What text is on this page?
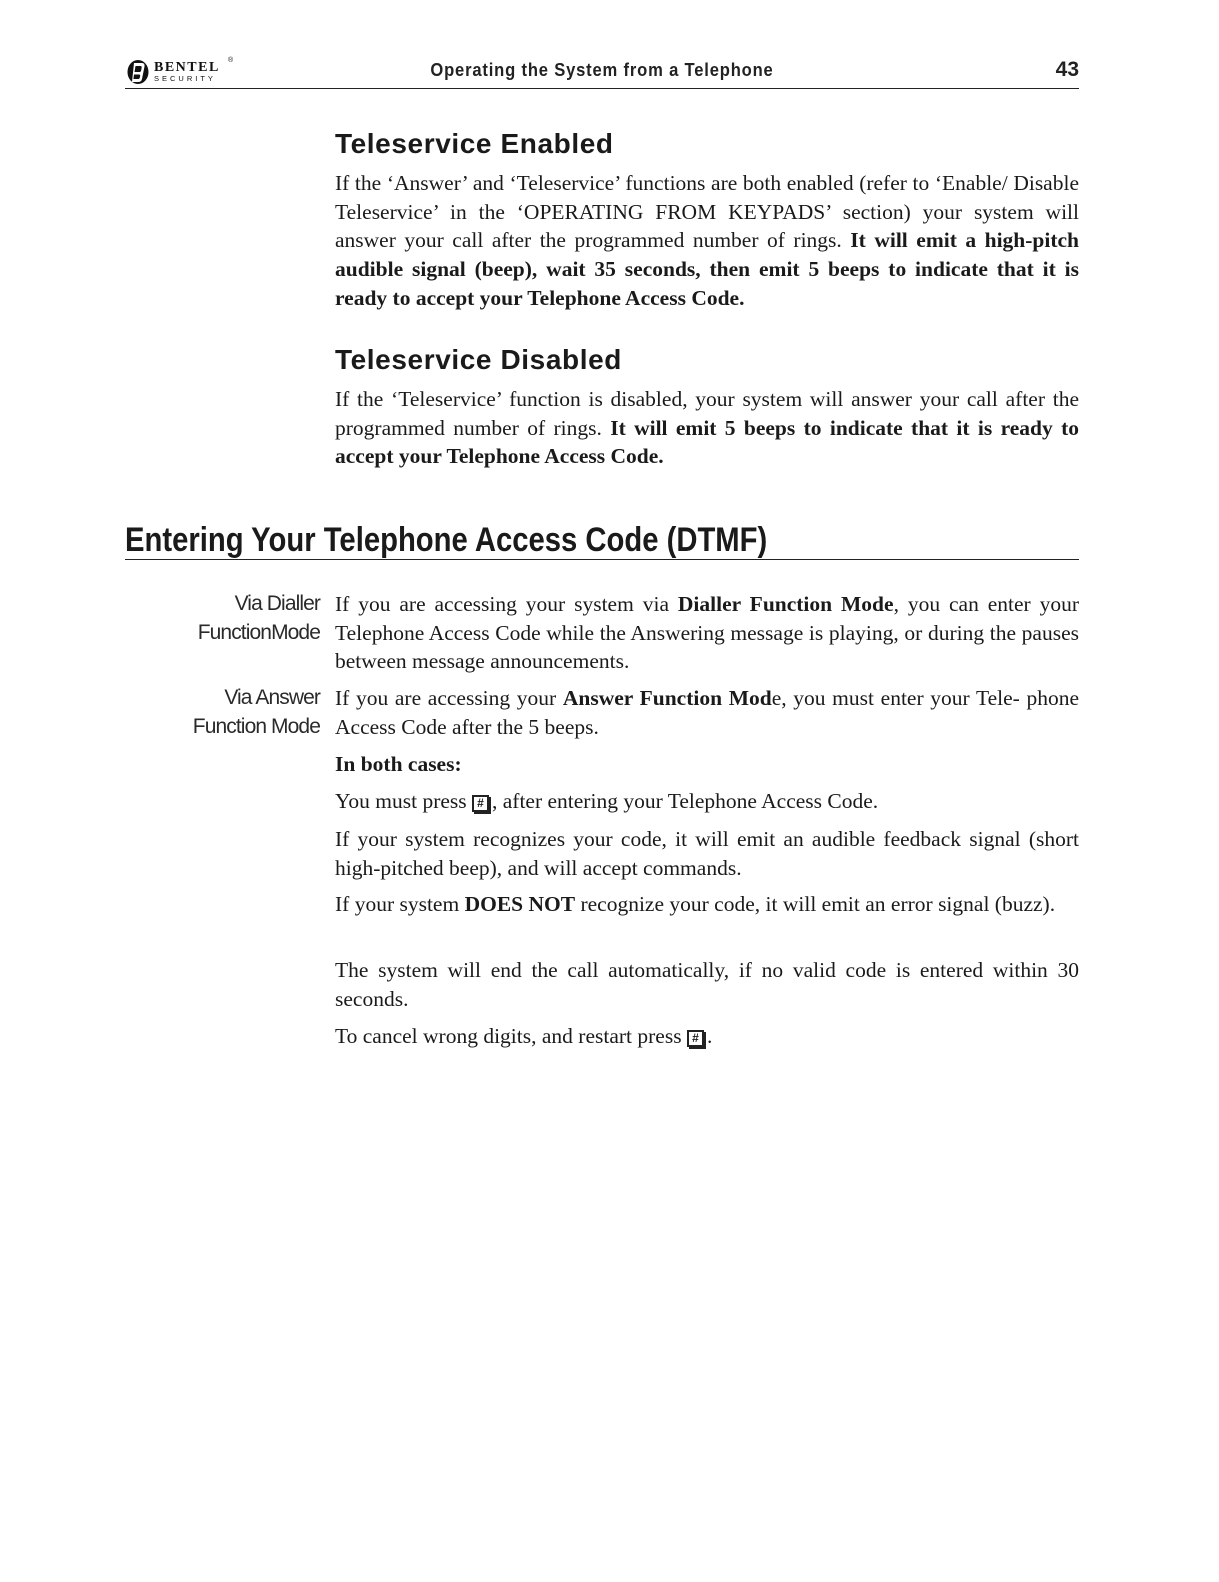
BENTEL
SECURITY
®	Operating the System from a Telephone	43
Teleservice Enabled

If the ‘Answer’ and ‘Teleservice’ functions are both enabled (refer to ‘Enable/ Disable Teleservice’ in the ‘OPERATING FROM KEYPADS’ section) your system will answer your call after the programmed number of rings. It will emit a high-pitch audible signal (beep), wait 35 seconds, then emit 5 beeps to indicate that it is ready to accept your Telephone Access Code.

Teleservice Disabled

If the ‘Teleservice’ function is disabled, your system will answer your call after the programmed number of rings. It will emit 5 beeps to indicate that it is ready to accept your Telephone Access Code.

Entering Your Telephone Access Code (DTMF)
Via Dialler
FunctionMode

If you are accessing your system via Dialler Function Mode, you can enter your Telephone Access Code while the Answering message is playing, or during the pauses between message announcements.

Via Answer
Function Mode

If you are accessing your Answer Function Mode, you must enter your Tele- phone Access Code after the 5 beeps.

In both cases:

You must press # , after entering your Telephone Access Code.

If your system recognizes your code, it will emit an audible feedback signal (short high-pitched beep), and will accept commands.

If your system DOES NOT recognize your code, it will emit an error signal (buzz).

The system will end the call automatically, if no valid code is entered within 30 seconds.

To cancel wrong digits, and restart press # .
